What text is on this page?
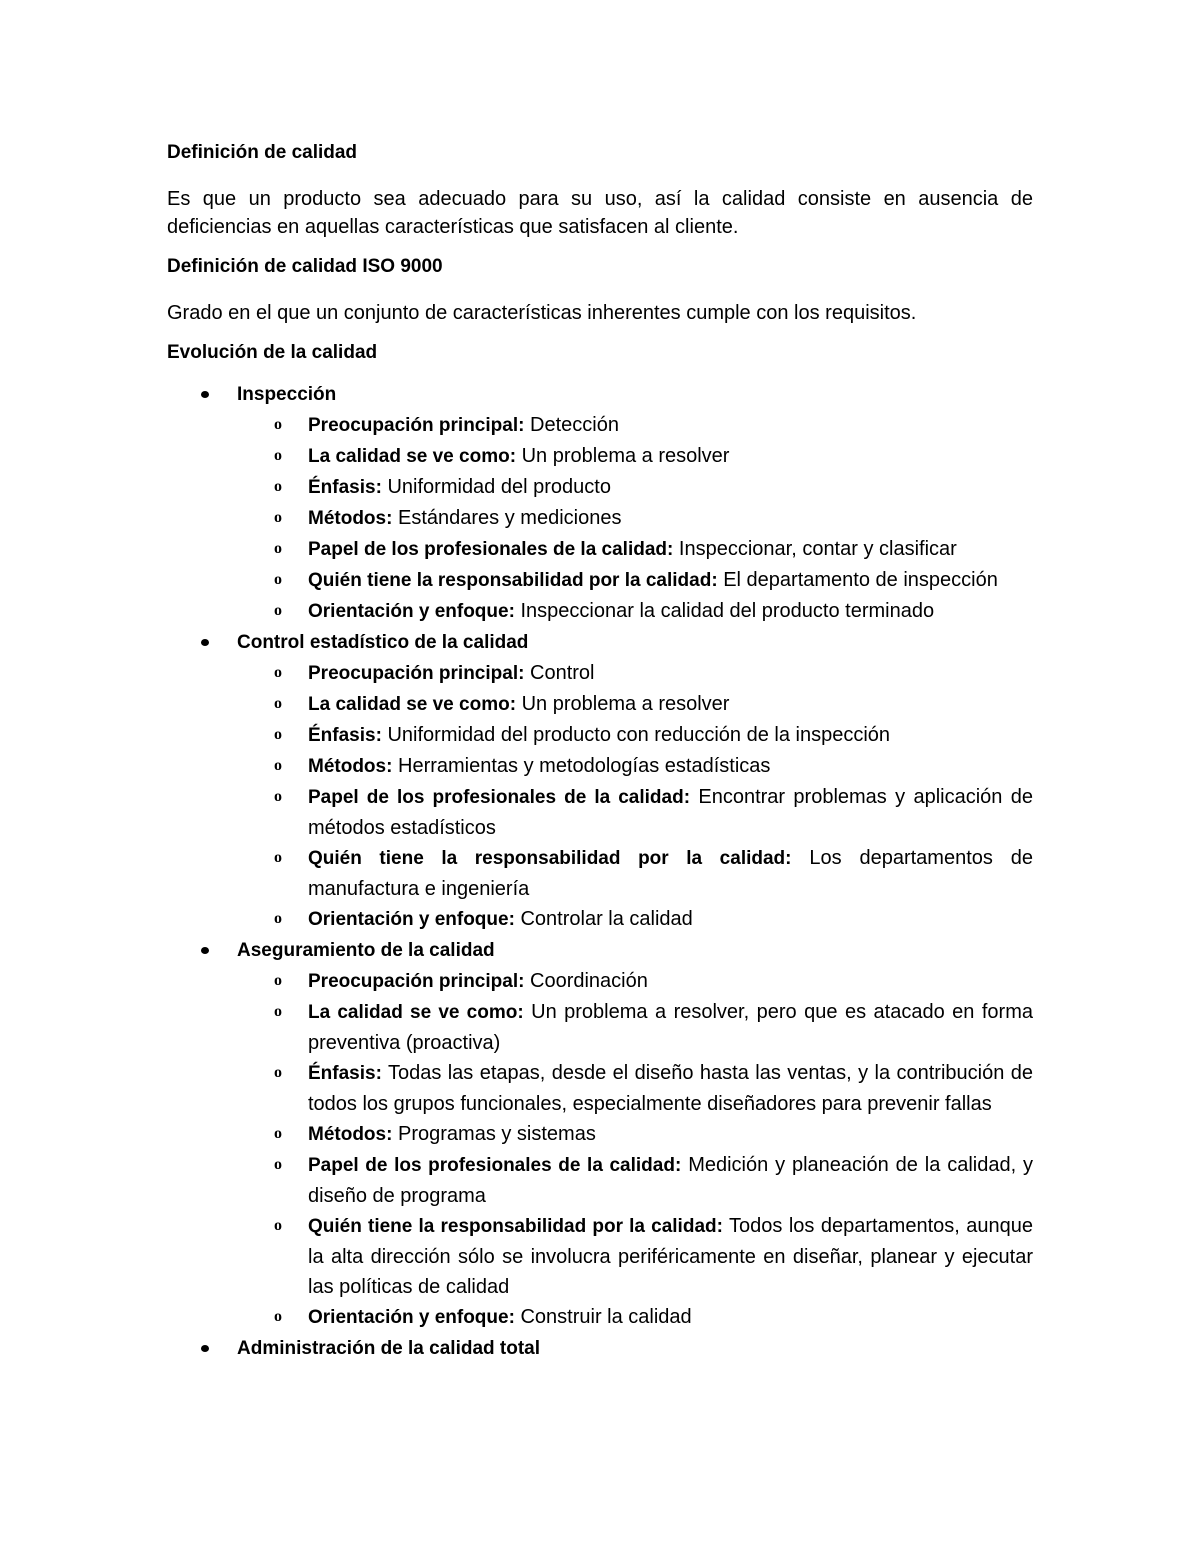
Definición de calidad

Es que un producto sea adecuado para su uso, así la calidad consiste en ausencia de deficiencias en aquellas características que satisfacen al cliente.

Definición de calidad ISO 9000

Grado en el que un conjunto de características inherentes cumple con los requisitos.

Evolución de la calidad

Inspección
o Preocupación principal: Detección
o La calidad se ve como: Un problema a resolver
o Énfasis: Uniformidad del producto
o Métodos: Estándares y mediciones
o Papel de los profesionales de la calidad: Inspeccionar, contar y clasificar
o Quién tiene la responsabilidad por la calidad: El departamento de inspección
o Orientación y enfoque: Inspeccionar la calidad del producto terminado
Control estadístico de la calidad
o Preocupación principal: Control
o La calidad se ve como: Un problema a resolver
o Énfasis: Uniformidad del producto con reducción de la inspección
o Métodos: Herramientas y metodologías estadísticas
o Papel de los profesionales de la calidad: Encontrar problemas y aplicación de métodos estadísticos
o Quién tiene la responsabilidad por la calidad: Los departamentos de manufactura e ingeniería
o Orientación y enfoque: Controlar la calidad
Aseguramiento de la calidad
o Preocupación principal: Coordinación
o La calidad se ve como: Un problema a resolver, pero que es atacado en forma preventiva (proactiva)
o Énfasis: Todas las etapas, desde el diseño hasta las ventas, y la contribución de todos los grupos funcionales, especialmente diseñadores para prevenir fallas
o Métodos: Programas y sistemas
o Papel de los profesionales de la calidad: Medición y planeación de la calidad, y diseño de programa
o Quién tiene la responsabilidad por la calidad: Todos los departamentos, aunque la alta dirección sólo se involucra periféricamente en diseñar, planear y ejecutar las políticas de calidad
o Orientación y enfoque: Construir la calidad
Administración de la calidad total
